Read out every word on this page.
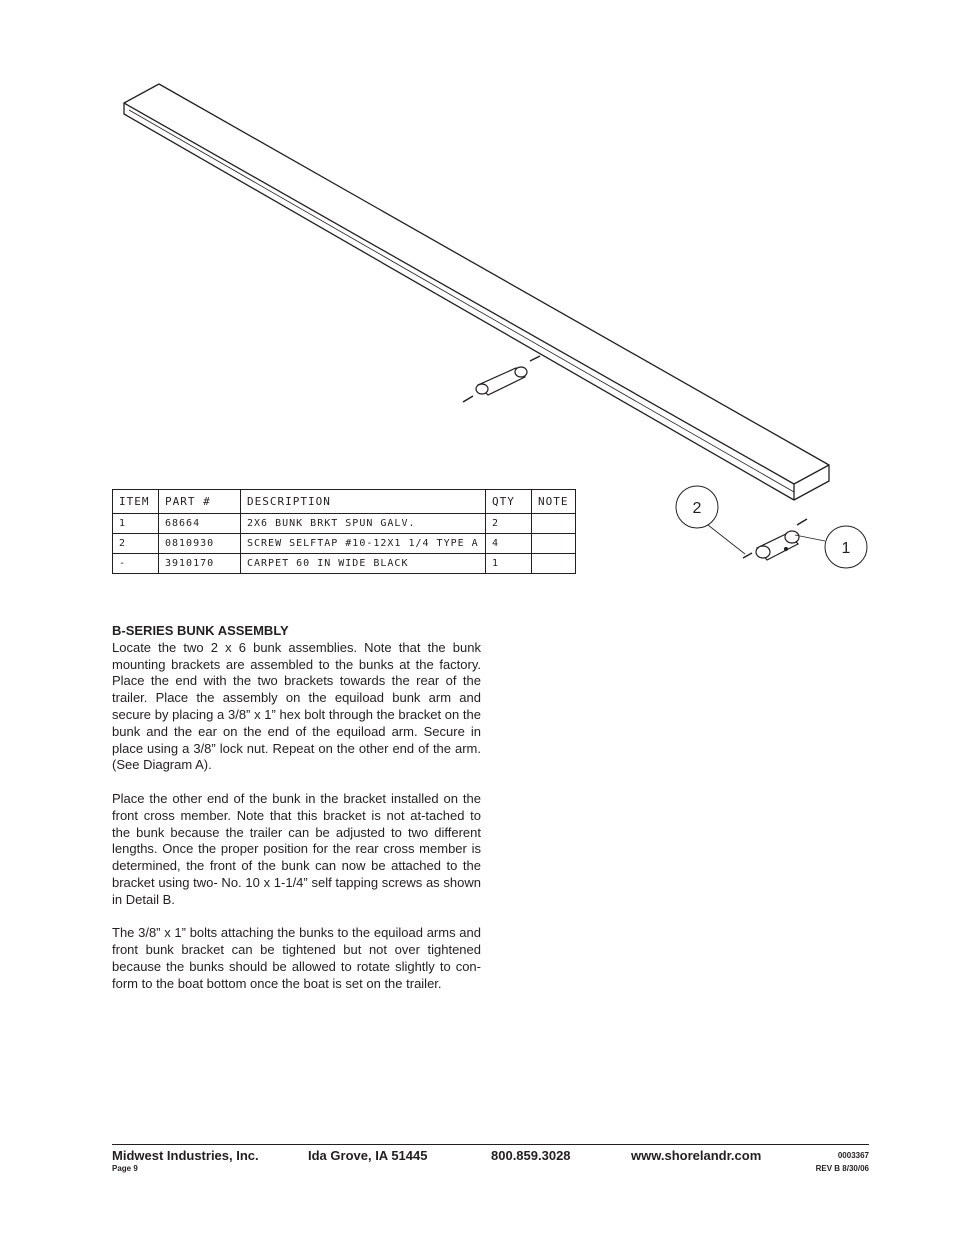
2
1
ITEM	PART #	DESCRIPTION	QTY	NOTE
1	68664	2X6 BUNK BRKT SPUN GALV.	2	
2	0810930	SCREW SELFTAP #10-12X1 1/4 TYPE A	4	
-	3910170	CARPET 60 IN WIDE BLACK	1	
B-SERIES BUNK ASSEMBLY

Locate the two 2 x 6 bunk assemblies. Note that the bunk mounting brackets are assembled to the bunks at the factory. Place the end with the two brackets towards the rear of the trailer. Place the assembly on the equiload bunk arm and secure by placing a 3/8” x 1” hex bolt through the bracket on the bunk and the ear on the end of the equiload arm. Secure in place using a 3/8” lock nut. Repeat on the other end of the arm. (See Diagram A).

Place the other end of the bunk in the bracket installed on the front cross member. Note that this bracket is not at-tached to the bunk because the trailer can be adjusted to two different lengths. Once the proper position for the rear cross member is determined, the front of the bunk can now be attached to the bracket using two- No. 10 x 1-1/4” self tapping screws as shown in Detail B.

The 3/8” x 1” bolts attaching the bunks to the equiload arms and front bunk bracket can be tightened but not over tightened because the bunks should be allowed to rotate slightly to con-form to the boat bottom once the boat is set on the trailer.

Midwest Industries, Inc.	Ida Grove, IA 51445	800.859.3028	www.shorelandr.com
Page 9
0003367
REV B 8/30/06
